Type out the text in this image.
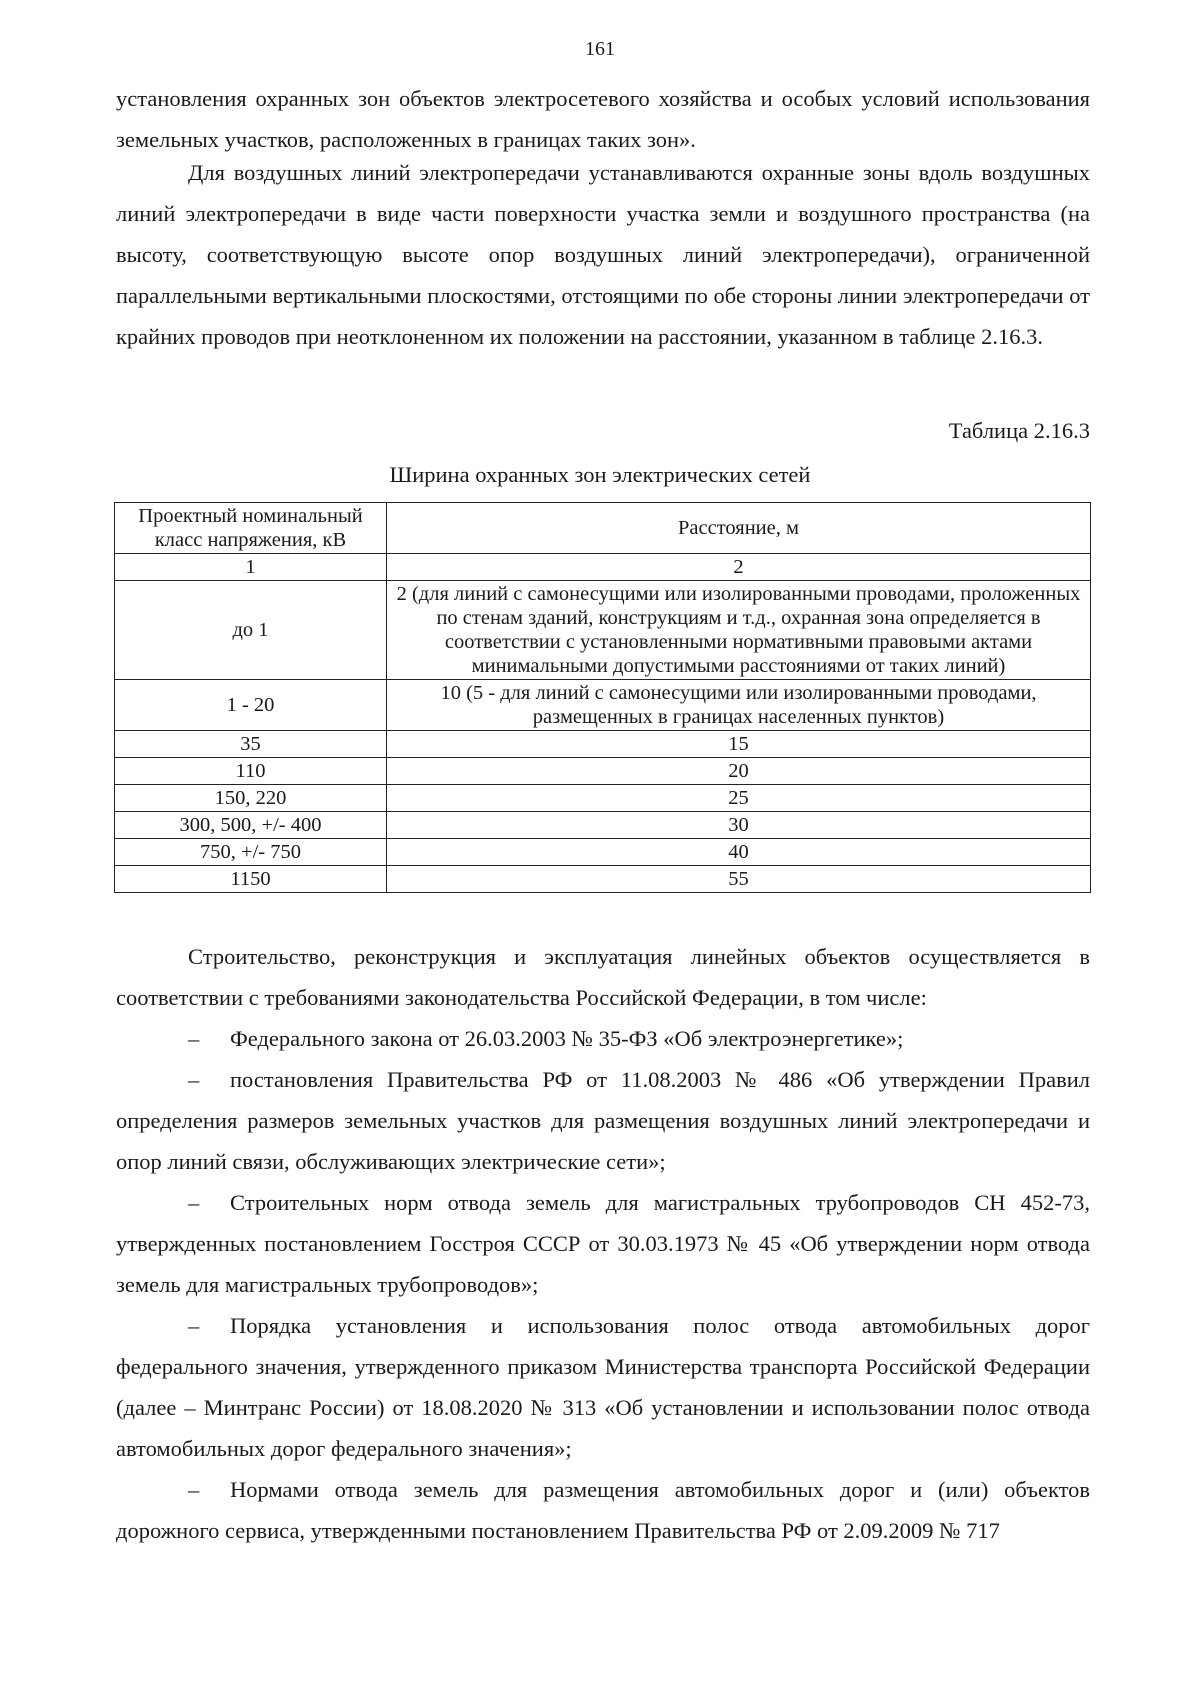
161

установления охранных зон объектов электросетевого хозяйства и особых условий использования земельных участков, расположенных в границах таких зон».

Для воздушных линий электропередачи устанавливаются охранные зоны вдоль воздушных линий электропередачи в виде части поверхности участка земли и воздушного пространства (на высоту, соответствующую высоте опор воздушных линий электропередачи), ограниченной параллельными вертикальными плоскостями, отстоящими по обе стороны линии электропередачи от крайних проводов при неотклоненном их положении на расстоянии, указанном в таблице 2.16.3.

Таблица 2.16.3
Ширина охранных зон электрических сетей
Проектный номинальный класс напряжения, кВ	Расстояние, м
1	2
до 1	2 (для линий с самонесущими или изолированными проводами, проложенных по стенам зданий, конструкциям и т.д., охранная зона определяется в соответствии с установленными нормативными правовыми актами минимальными допустимыми расстояниями от таких линий)
1 - 20	10 (5 - для линий с самонесущими или изолированными проводами, размещенных в границах населенных пунктов)
35	15
110	20
150, 220	25
300, 500, +/- 400	30
750, +/- 750	40
1150	55

Строительство, реконструкция и эксплуатация линейных объектов осуществляется в соответствии с требованиями законодательства Российской Федерации, в том числе:

– Федерального закона от 26.03.2003 № 35-ФЗ «Об электроэнергетике»;

– постановления Правительства РФ от 11.08.2003 № 486 «Об утверждении Правил определения размеров земельных участков для размещения воздушных линий электропередачи и опор линий связи, обслуживающих электрические сети»;

– Строительных норм отвода земель для магистральных трубопроводов СН 452-73, утвержденных постановлением Госстроя СССР от 30.03.1973 № 45 «Об утверждении норм отвода земель для магистральных трубопроводов»;

– Порядка установления и использования полос отвода автомобильных дорог федерального значения, утвержденного приказом Министерства транспорта Российской Федерации (далее – Минтранс России) от 18.08.2020 № 313 «Об установлении и использовании полос отвода автомобильных дорог федерального значения»;

– Нормами отвода земель для размещения автомобильных дорог и (или) объектов дорожного сервиса, утвержденными постановлением Правительства РФ от 2.09.2009 № 717
